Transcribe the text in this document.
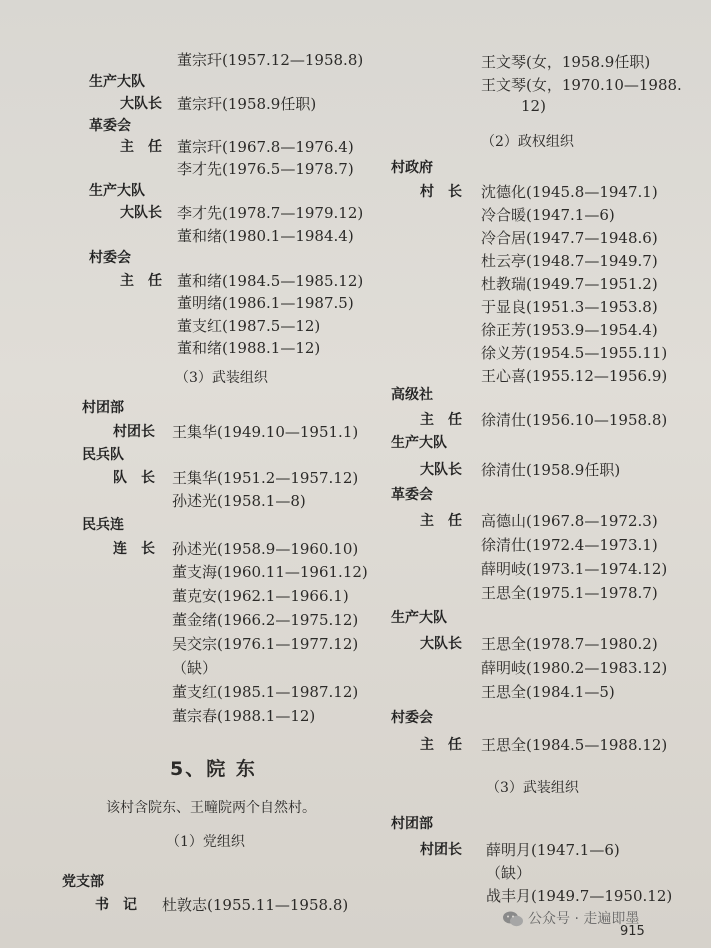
董宗玕(1957.12—1958.8)
生产大队
大队长 董宗玕(1958.9任职)
革委会
主　任 董宗玕(1967.8—1976.4)
李才先(1976.5—1978.7)
生产大队
大队长 李才先(1978.7—1979.12)
董和绪(1980.1—1984.4)
村委会
主　任 董和绪(1984.5—1985.12)
董明绪(1986.1—1987.5)
董支红(1987.5—12)
董和绪(1988.1—12)
（3）武装组织
村团部
村团长 王集华(1949.10—1951.1)
民兵队
队　长 王集华(1951.2—1957.12)
孙述光(1958.1—8)
民兵连
连　长 孙述光(1958.9—1960.10)
董支海(1960.11—1961.12)
董克安(1962.1—1966.1)
董金绪(1966.2—1975.12)
吴交宗(1976.1—1977.12)
（缺）
董支红(1985.1—1987.12)
董宗春(1988.1—12)
5、院 东
该村含院东、王疃院两个自然村。
（1）党组织
党支部
书　记 杜敦志(1955.11—1958.8)
王文琴(女，1958.9任职)
王文琴(女，1970.10—1988.
12)
（2）政权组织
村政府
村　长 沈德化(1945.8—1947.1)
冷合暖(1947.1—6)
冷合居(1947.7—1948.6)
杜云亭(1948.7—1949.7)
杜教瑞(1949.7—1951.2)
于显良(1951.3—1953.8)
徐正芳(1953.9—1954.4)
徐义芳(1954.5—1955.11)
王心喜(1955.12—1956.9)
高级社
主　任 徐清仕(1956.10—1958.8)
生产大队
大队长 徐清仕(1958.9任职)
革委会
主　任 高德山(1967.8—1972.3)
徐清仕(1972.4—1973.1)
薛明岐(1973.1—1974.12)
王思全(1975.1—1978.7)
生产大队
大队长 王思全(1978.7—1980.2)
薛明岐(1980.2—1983.12)
王思全(1984.1—5)
村委会
主　任 王思全(1984.5—1988.12)
（3）武装组织
村团部
村团长 薛明月(1947.1—6)
（缺）
战丰月(1949.7—1950.12)
公众号 · 走遍即墨
915
